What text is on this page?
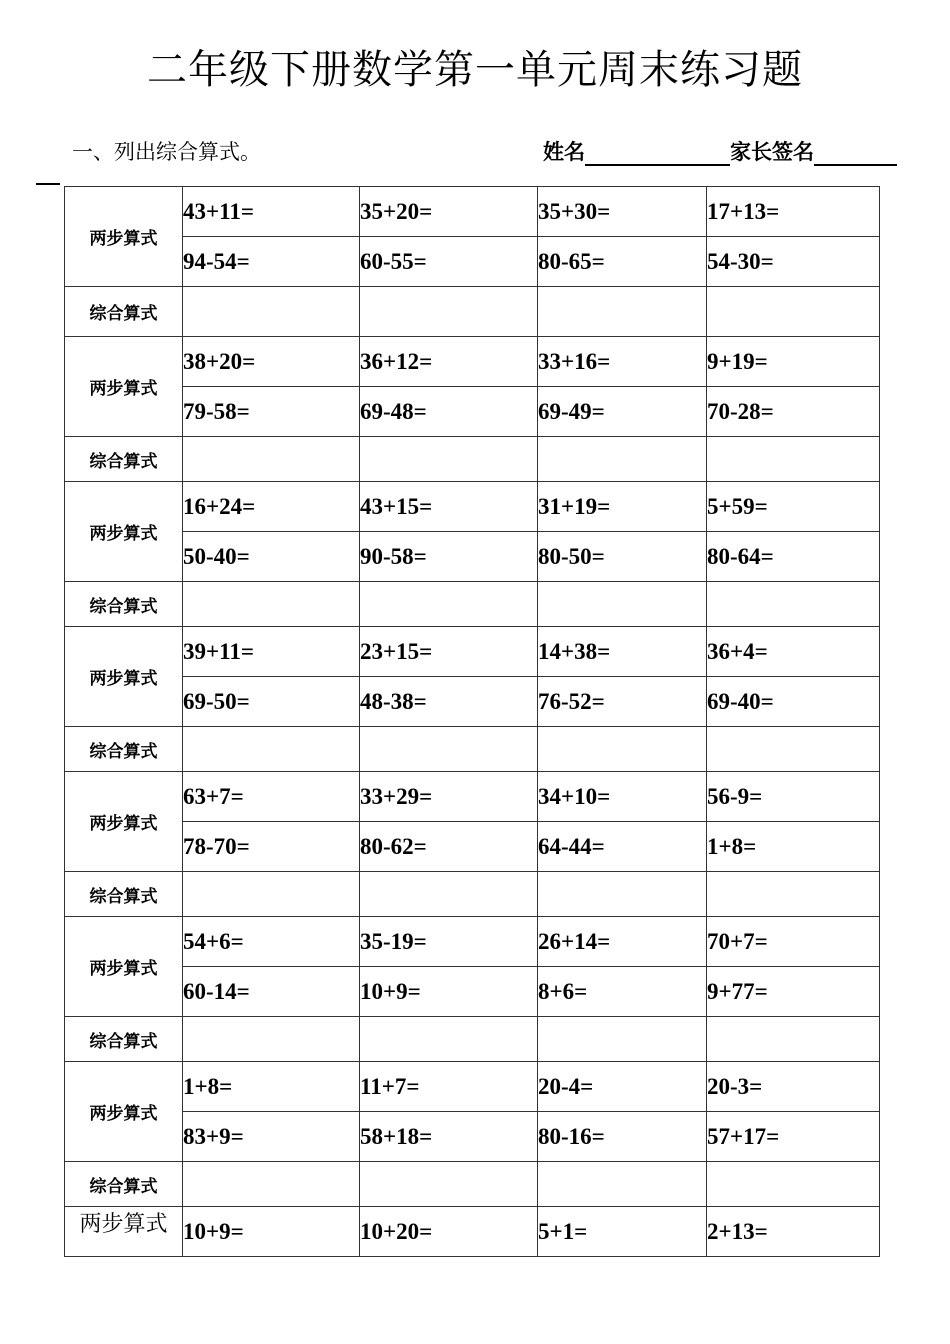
二年级下册数学第一单元周末练习题
一、列出综合算式。	姓名	家长签名
两步算式	43+11=	35+20=	35+30=	17+13=
	94-54=	60-55=	80-65=	54-30=
综合算式				
两步算式	38+20=	36+12=	33+16=	9+19=
	79-58=	69-48=	69-49=	70-28=
综合算式				
两步算式	16+24=	43+15=	31+19=	5+59=
	50-40=	90-58=	80-50=	80-64=
综合算式				
两步算式	39+11=	23+15=	14+38=	36+4=
	69-50=	48-38=	76-52=	69-40=
综合算式				
两步算式	63+7=	33+29=	34+10=	56-9=
	78-70=	80-62=	64-44=	1+8=
综合算式				
两步算式	54+6=	35-19=	26+14=	70+7=
	60-14=	10+9=	8+6=	9+77=
综合算式				
两步算式	1+8=	11+7=	20-4=	20-3=
	83+9=	58+18=	80-16=	57+17=
综合算式				
两步算式	10+9=	10+20=	5+1=	2+13=
